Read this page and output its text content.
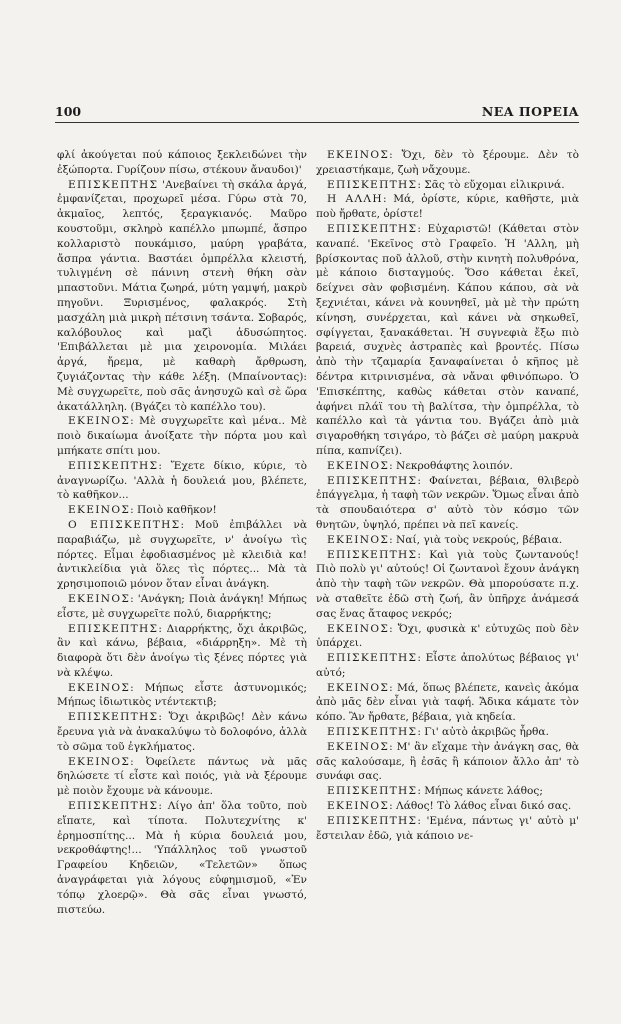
100	ΝΕΑ ΠΟΡΕΙΑ

φλί ἀκούγεται πού κάποιος ξεκλειδώνει τὴν ἐξώπορτα. Γυρίζουν πίσω, στέκουν ἄναυδοι)'

ΕΠΙΣΚΕΠΤΗΣ 'Ανεβαίνει τὴ σκάλα ἀργά, ἐμφανίζεται, προχωρεῖ μέσα. Γύρω στὰ 70, ἀκμαῖος, λεπτός, ξεραγκιανός. Μαῦρο κουστοῦμι, σκληρὸ καπέλλο μπωμπέ, ἄσπρο κολλαριστὸ πουκάμισο, μαύρη γραβάτα, ἄσπρα γάντια. Βαστάει ὀμπρέλλα κλειστή, τυλιγμένη σὲ πάνινη στενὴ θήκη σὰν μπαστοῦνι. Μάτια ζωηρά, μύτη γαμψή, μακρὺ πηγοῦνι. Ξυρισμένος, φαλακρός. Στὴ μασχάλη μιὰ μικρὴ πέτσινη τσάντα. Σοβαρός, καλόβουλος καὶ μαζὶ ἀδυσώπητος. 'Επιβάλλεται μὲ μια χειρονομία. Μιλάει ἀργά, ἤρεμα, μὲ καθαρὴ ἄρθρωση, ζυγιάζοντας τὴν κάθε λέξη. (Μπαίνοντας): Μὲ συγχωρεῖτε, ποὺ σᾶς ἀνησυχῶ καὶ σὲ ὥρα ἀκατάλληλη. (Βγάζει τὸ καπέλλο του).

ΕΚΕΙΝΟΣ: Μὲ συγχωρεῖτε καὶ μένα.. Μὲ ποιὸ δικαίωμα ἀνοίξατε τὴν πόρτα μου καὶ μπήκατε σπίτι μου.

ΕΠΙΣΚΕΠΤΗΣ: Ἔχετε δίκιο, κύριε, τὸ ἀναγνωρίζω. 'Αλλὰ ἡ δουλειά μου, βλέπετε, τὸ καθῆκον...

ΕΚΕΙΝΟΣ: Ποιὸ καθῆκον!

Ο ΕΠΙΣΚΕΠΤΗΣ: Μοῦ ἐπιβάλλει νὰ παραβιάζω, μὲ συγχωρεῖτε, ν' ἀνοίγω τὶς πόρτες. Εἶμαι ἐφοδιασμένος μὲ κλειδιὰ κα! ἀντικλείδια γιὰ ὅλες τὶς πόρτες... Μὰ τὰ χρησιμοποιῶ μόνον ὅταν εἶναι ἀνάγκη.

ΕΚΕΙΝΟΣ: 'Ανάγκη; Ποιὰ ἀνάγκη! Μήπως εἶστε, μὲ συγχωρεῖτε πολύ, διαρρήκτης;

ΕΠΙΣΚΕΠΤΗΣ: Διαρρήκτης, ὄχι ἀκριβῶς, ἂν καὶ κάνω, βέβαια, «διάρρηξη». Μὲ τὴ διαφορὰ ὅτι δὲν ἀνοίγω τὶς ξένες πόρτες γιὰ νὰ κλέψω.

ΕΚΕΙΝΟΣ: Μήπως εἶστε ἀστυνομικός; Μήπως ἰδιωτικὸς ντέντεκτιβ;

ΕΠΙΣΚΕΠΤΗΣ: Ὄχι ἀκριβῶς! Δὲν κάνω ἔρευνα γιὰ νὰ ἀνακαλύψω τὸ δολοφόνο, ἀλλὰ τὸ σῶμα τοῦ ἐγκλήματος.

ΕΚΕΙΝΟΣ: Ὀφείλετε πάντως νὰ μᾶς δηλώσετε τί εἶστε καὶ ποιός, γιὰ νὰ ξέρουμε μὲ ποιὸν ἔχουμε νὰ κάνουμε.

ΕΠΙΣΚΕΠΤΗΣ: Λίγο ἀπ' ὅλα τοῦτο, ποὺ εἴπατε, καὶ τίποτα. Πολυτεχνίτης κ' ἐρημοσπίτης... Μὰ ἡ κύρια δουλειά μου, νεκροθάφτης!... 'Υπάλληλος τοῦ γνωστοῦ Γραφείου Κηδειῶν, «Τελετῶν» ὅπως ἀναγράφεται γιὰ λόγους εὐφημισμοῦ, «Ἐν τόπῳ χλοερῷ». Θὰ σᾶς εἶναι γνωστό, πιστεύω.

ΕΚΕΙΝΟΣ: Ὄχι, δὲν τὸ ξέρουμε. Δὲν τὸ χρειαστήκαμε, ζωὴ νἄχουμε.

ΕΠΙΣΚΕΠΤΗΣ: Σᾶς τὸ εὔχομαι εἰλικρινά.

Η ΑΛΛΗ: Μά, ὁρίστε, κύριε, καθῆστε, μιὰ ποὺ ἤρθατε, ὁρίστε!

ΕΠΙΣΚΕΠΤΗΣ: Εὐχαριστῶ! (Κάθεται στὸν καναπέ. 'Εκεῖνος στὸ Γραφεῖο. Ἡ 'Αλλη, μὴ βρίσκοντας ποῦ ἀλλοῦ, στὴν κινητὴ πολυθρόνα, μὲ κάποιο δισταγμούς. Ὅσο κάθεται ἐκεῖ, δείχνει σὰν φοβισμένη. Κάπου κάπου, σὰ νὰ ξεχνιέται, κάνει νὰ κουνηθεῖ, μὰ μὲ τὴν πρώτη κίνηση, συνέρχεται, καὶ κάνει νὰ σηκωθεῖ, σφίγγεται, ξανακάθεται. Ἡ συγνεφιὰ ἔξω πιὸ βαρειά, συχνὲς ἀστραπὲς καὶ βροντές. Πίσω ἀπὸ τὴν τζαμαρία ξαναφαίνεται ὁ κῆπος μὲ δέντρα κιτρινισμένα, σὰ νἄναι φθινόπωρο. Ὁ 'Επισκέπτης, καθὼς κάθεται στὸν καναπέ, ἀφήνει πλάϊ του τὴ βαλίτσα, τὴν ὀμπρέλλα, τὸ καπέλλο καὶ τὰ γάντια του. Βγάζει ἀπὸ μιὰ σιγαροθήκη τσιγάρο, τὸ βάζει σὲ μαύρη μακρυὰ πίπα, καπνίζει).

ΕΚΕΙΝΟΣ: Νεκροθάφτης λοιπόν.

ΕΠΙΣΚΕΠΤΗΣ: Φαίνεται, βέβαια, θλιβερὸ ἐπάγγελμα, ἡ ταφὴ τῶν νεκρῶν. Ὅμως εἶναι ἀπὸ τὰ σπουδαιότερα σ' αὐτὸ τὸν κόσμο τῶν θνητῶν, ὑψηλό, πρέπει νὰ πεῖ κανείς.

ΕΚΕΙΝΟΣ: Ναί, γιὰ τοὺς νεκρούς, βέβαια.

ΕΠΙΣΚΕΠΤΗΣ: Καὶ γιὰ τοὺς ζωντανούς! Πιὸ πολὺ γι' αὐτούς! Οἱ ζωντανοὶ ἔχουν ἀνάγκη ἀπὸ τὴν ταφὴ τῶν νεκρῶν. Θὰ μπορούσατε π.χ. νὰ σταθεῖτε ἐδῶ στὴ ζωή, ἂν ὑπῆρχε ἀνάμεσά σας ἕνας ἄταφος νεκρός;

ΕΚΕΙΝΟΣ: Ὄχι, φυσικὰ κ' εὐτυχῶς ποὺ δὲν ὑπάρχει.

ΕΠΙΣΚΕΠΤΗΣ: Εἶστε ἀπολύτως βέβαιος γι' αὐτό;

ΕΚΕΙΝΟΣ: Μά, ὅπως βλέπετε, κανεὶς ἀκόμα ἀπὸ μᾶς δὲν εἶναι γιὰ ταφή. Ἄδικα κάματε τὸν κόπο. Ἂν ἤρθατε, βέβαια, γιὰ κηδεία.

ΕΠΙΣΚΕΠΤΗΣ: Γι' αὐτὸ ἀκριβῶς ἦρθα.

ΕΚΕΙΝΟΣ: Μ' ἂν εἴχαμε τὴν ἀνάγκη σας, θὰ σᾶς καλούσαμε, ἢ ἐσᾶς ἢ κάποιον ἄλλο ἀπ' τὸ συνάφι σας.

ΕΠΙΣΚΕΠΤΗΣ: Μήπως κάνετε λάθος;

ΕΚΕΙΝΟΣ: Λάθος! Τὸ λάθος εἶναι δικό σας.

ΕΠΙΣΚΕΠΤΗΣ: 'Εμένα, πάντως γι' αὐτὸ μ' ἔστειλαν ἐδῶ, γιὰ κάποιο νε-
